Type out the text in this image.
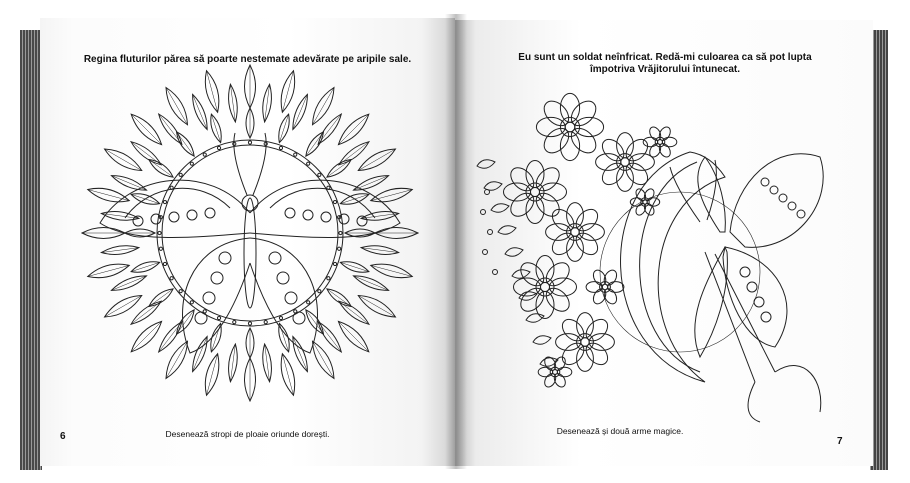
Regina fluturilor părea să poarte nestemate adevărate pe aripile sale.
Desenează stropi de ploaie oriunde dorești.
6
Eu sunt un soldat neînfricat. Redă-mi culoarea ca să pot lupta
împotriva Vrăjitorului întunecat.
Desenează și două arme magice.
7
